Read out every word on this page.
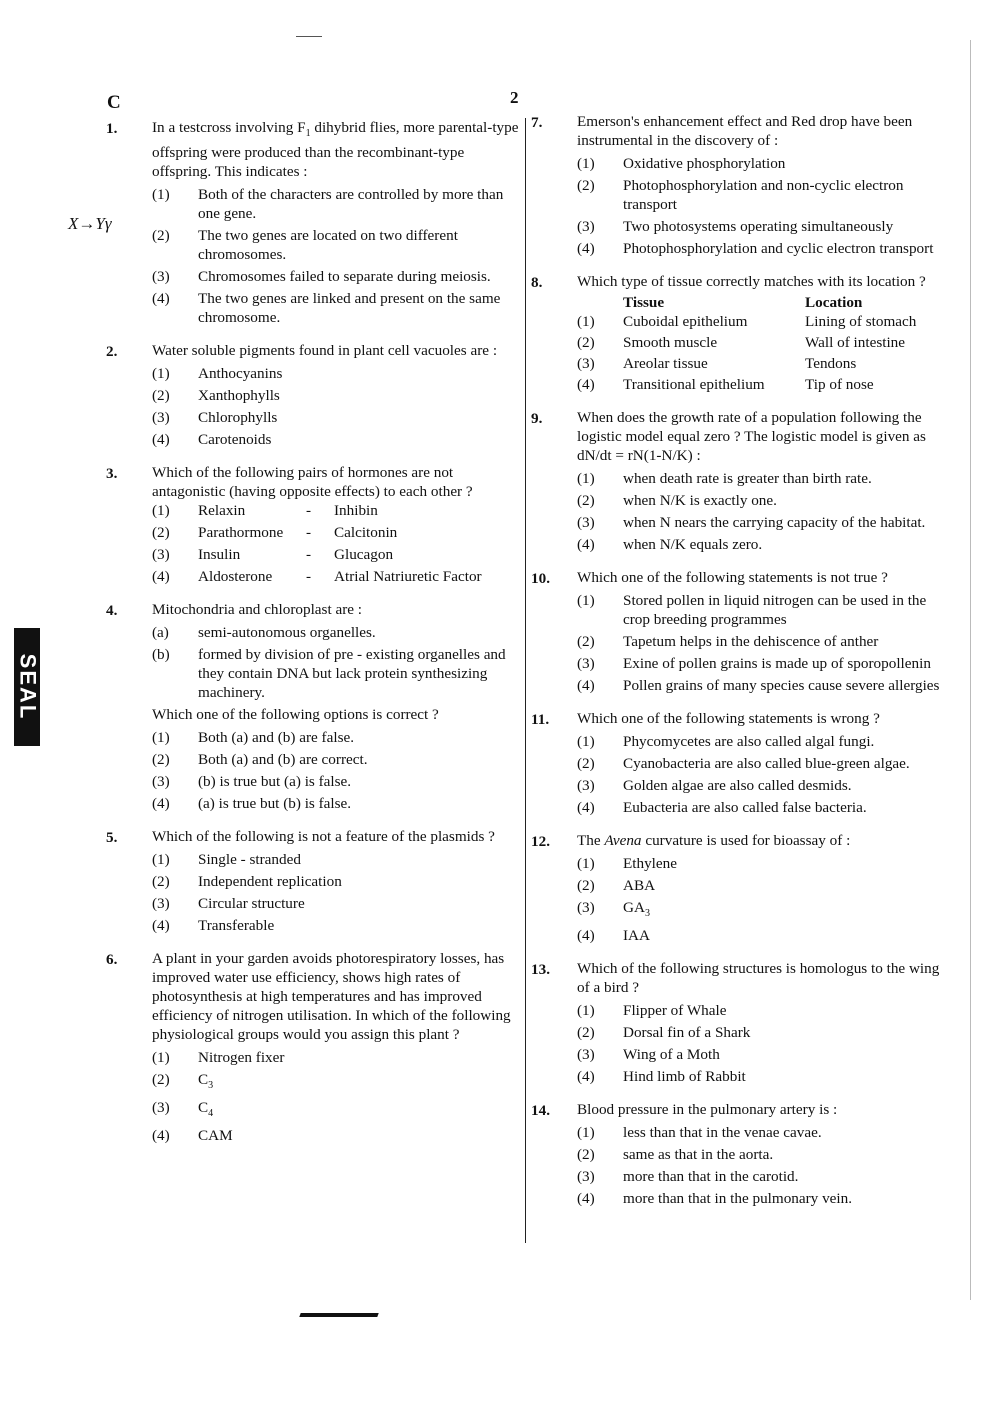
C	2
X→Yγ
SEAL
1. In a testcross involving $F_1$ dihybrid flies, more parental-type offspring were produced than the recombinant-type offspring. This indicates :
(1)	Both of the characters are controlled by more than one gene.
(2)	The two genes are located on two different chromosomes.
(3)	Chromosomes failed to separate during meiosis.
(4)	The two genes are linked and present on the same chromosome.
2. Water soluble pigments found in plant cell vacuoles are :
(1)	Anthocyanins
(2)	Xanthophylls
(3)	Chlorophylls
(4)	Carotenoids
3. Which of the following pairs of hormones are not antagonistic (having opposite effects) to each other ?
(1)	Relaxin	-	Inhibin
(2)	Parathormone	-	Calcitonin
(3)	Insulin	-	Glucagon
(4)	Aldosterone	-	Atrial Natriuretic Factor
4. Mitochondria and chloroplast are :
(a)	semi-autonomous organelles.
(b)	formed by division of pre - existing organelles and they contain DNA but lack protein synthesizing machinery.
Which one of the following options is correct ?
(1)	Both (a) and (b) are false.
(2)	Both (a) and (b) are correct.
(3)	(b) is true but (a) is false.
(4)	(a) is true but (b) is false.
5. Which of the following is not a feature of the plasmids ?
(1)	Single - stranded
(2)	Independent replication
(3)	Circular structure
(4)	Transferable
6. A plant in your garden avoids photorespiratory losses, has improved water use efficiency, shows high rates of photosynthesis at high temperatures and has improved efficiency of nitrogen utilisation. In which of the following physiological groups would you assign this plant ?
(1)	Nitrogen fixer
(2)	$C_3$
(3)	$C_4$
(4)	CAM
7. Emerson's enhancement effect and Red drop have been instrumental in the discovery of :
(1)	Oxidative phosphorylation
(2)	Photophosphorylation and non-cyclic electron transport
(3)	Two photosystems operating simultaneously
(4)	Photophosphorylation and cyclic electron transport
8. Which type of tissue correctly matches with its location ?
Tissue	Location
(1)	Cuboidal epithelium	Lining of stomach
(2)	Smooth muscle	Wall of intestine
(3)	Areolar tissue	Tendons
(4)	Transitional epithelium	Tip of nose
9. When does the growth rate of a population following the logistic model equal zero ? The logistic model is given as dN/dt = rN(1-N/K) :
(1)	when death rate is greater than birth rate.
(2)	when N/K is exactly one.
(3)	when N nears the carrying capacity of the habitat.
(4)	when N/K equals zero.
10. Which one of the following statements is not true ?
(1)	Stored pollen in liquid nitrogen can be used in the crop breeding programmes
(2)	Tapetum helps in the dehiscence of anther
(3)	Exine of pollen grains is made up of sporopollenin
(4)	Pollen grains of many species cause severe allergies
11. Which one of the following statements is wrong ?
(1)	Phycomycetes are also called algal fungi.
(2)	Cyanobacteria are also called blue-green algae.
(3)	Golden algae are also called desmids.
(4)	Eubacteria are also called false bacteria.
12. The Avena curvature is used for bioassay of :
(1)	Ethylene
(2)	ABA
(3)	$GA_3$
(4)	IAA
13. Which of the following structures is homologus to the wing of a bird ?
(1)	Flipper of Whale
(2)	Dorsal fin of a Shark
(3)	Wing of a Moth
(4)	Hind limb of Rabbit
14. Blood pressure in the pulmonary artery is :
(1)	less than that in the venae cavae.
(2)	same as that in the aorta.
(3)	more than that in the carotid.
(4)	more than that in the pulmonary vein.
